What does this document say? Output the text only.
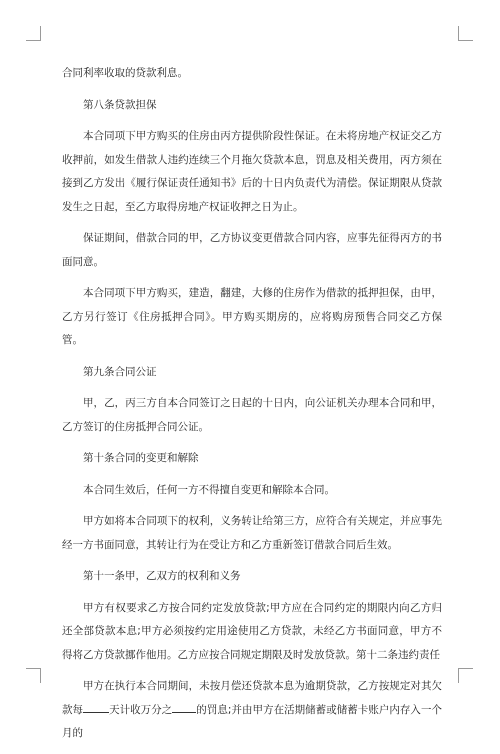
合同利率收取的贷款利息。

第八条贷款担保

本合同项下甲方购买的住房由丙方提供阶段性保证。在未将房地产权证交乙方收押前，如发生借款人违约连续三个月拖欠贷款本息，罚息及相关费用，丙方须在接到乙方发出《履行保证责任通知书》后的十日内负责代为清偿。保证期限从贷款发生之日起，至乙方取得房地产权证收押之日为止。

保证期间，借款合同的甲，乙方协议变更借款合同内容，应事先征得丙方的书面同意。

本合同项下甲方购买，建造，翻建，大修的住房作为借款的抵押担保，由甲，乙方另行签订《住房抵押合同》。甲方购买期房的，应将购房预售合同交乙方保管。

第九条合同公证

甲，乙，丙三方自本合同签订之日起的十日内，向公证机关办理本合同和甲，乙方签订的住房抵押合同公证。

第十条合同的变更和解除

本合同生效后，任何一方不得擅自变更和解除本合同。

甲方如将本合同项下的权利，义务转让给第三方，应符合有关规定，并应事先经一方书面同意，其转让行为在受让方和乙方重新签订借款合同后生效。

第十一条甲，乙双方的权利和义务

甲方有权要求乙方按合同约定发放贷款;甲方应在合同约定的期限内向乙方归还全部贷款本息;甲方必须按约定用途使用乙方贷款，未经乙方书面同意，甲方不得将乙方贷款挪作他用。乙方应按合同规定期限及时发放贷款。第十二条违约责任

甲方在执行本合同期间，未按月偿还贷款本息为逾期贷款，乙方按规定对其欠款每 天计收万分之 的罚息;并由甲方在活期储蓄或储蓄卡账户内存入一个月的
